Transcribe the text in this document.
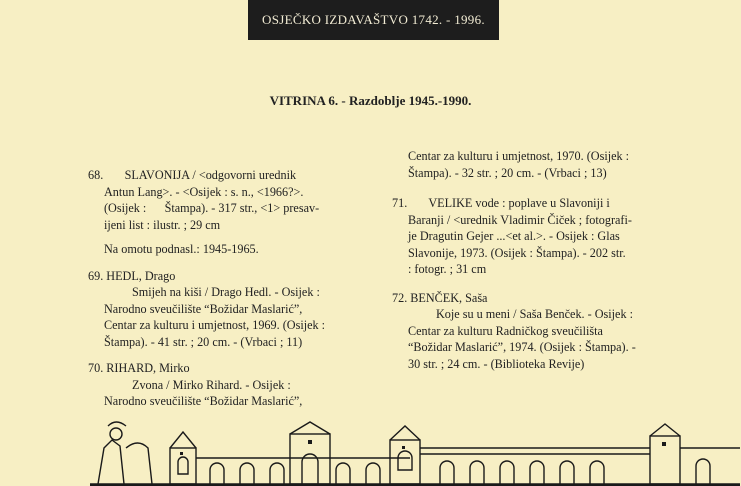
OSJEČKO IZDAVAŠTVO 1742. - 1996.
VITRINA 6. - Razdoblje 1945.-1990.
68.       SLAVONIJA / <odgovorni urednik
Antun Lang>. - <Osijek : s. n., <1966?>.
(Osijek :      Štampa). - 317 str., <1> presav-
ijeni list : ilustr. ; 29 cm
Na omotu podnasl.: 1945-1965.
69. HEDL, Drago
Smijeh na kiši / Drago Hedl. - Osijek :
Narodno sveučilište “Božidar Maslarić”,
Centar za kulturu i umjetnost, 1969. (Osijek :
Štampa). - 41 str. ; 20 cm. - (Vrbaci ; 11)
70. RIHARD, Mirko
Zvona / Mirko Rihard. - Osijek :
Narodno sveučilište “Božidar Maslarić”,
Centar za kulturu i umjetnost, 1970. (Osijek :
Štampa). - 32 str. ; 20 cm. - (Vrbaci ; 13)
71.       VELIKE vode : poplave u Slavoniji i
Baranji / <urednik Vladimir Čiček ; fotografi-
je Dragutin Gejer ...<et al.>. - Osijek : Glas
Slavonije, 1973. (Osijek : Štampa). - 202 str.
: fotogr. ; 31 cm
72. BENČEK, Saša
Koje su u meni / Saša Benček. - Osijek :
Centar za kulturu Radničkog sveučilišta
“Božidar Maslarić”, 1974. (Osijek : Štampa). -
30 str. ; 24 cm. - (Biblioteka Revije)
